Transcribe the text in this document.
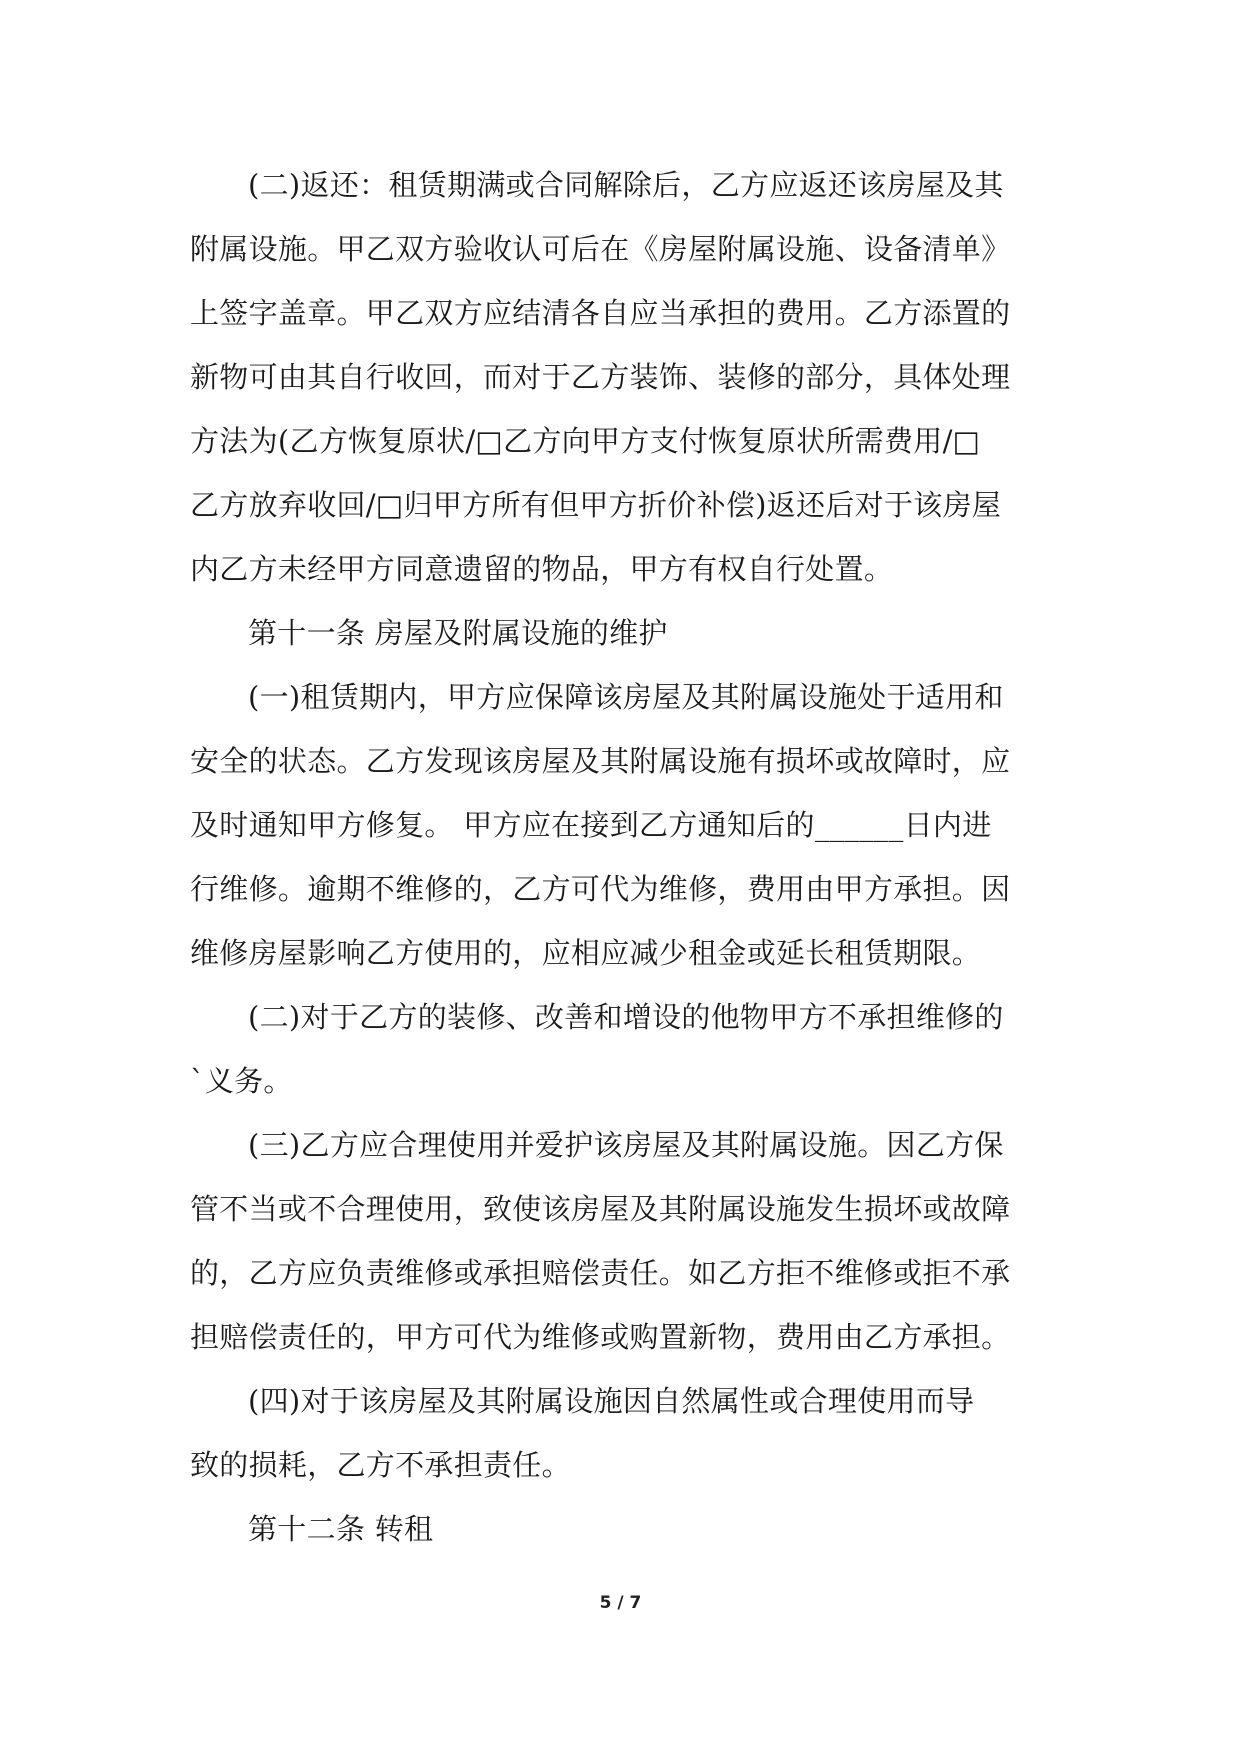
(二)返还：租赁期满或合同解除后，乙方应返还该房屋及其
附属设施。甲乙双方验收认可后在《房屋附属设施、设备清单》
上签字盖章。甲乙双方应结清各自应当承担的费用。乙方添置的
新物可由其自行收回，而对于乙方装饰、装修的部分，具体处理
方法为(乙方恢复原状/□乙方向甲方支付恢复原状所需费用/□
乙方放弃收回/□归甲方所有但甲方折价补偿)返还后对于该房屋
内乙方未经甲方同意遗留的物品，甲方有权自行处置。
第十一条 房屋及附属设施的维护
(一)租赁期内，甲方应保障该房屋及其附属设施处于适用和
安全的状态。乙方发现该房屋及其附属设施有损坏或故障时，应
及时通知甲方修复。 甲方应在接到乙方通知后的______日内进
行维修。逾期不维修的，乙方可代为维修，费用由甲方承担。因
维修房屋影响乙方使用的，应相应减少租金或延长租赁期限。
(二)对于乙方的装修、改善和增设的他物甲方不承担维修的
`义务。
(三)乙方应合理使用并爱护该房屋及其附属设施。因乙方保
管不当或不合理使用，致使该房屋及其附属设施发生损坏或故障
的，乙方应负责维修或承担赔偿责任。如乙方拒不维修或拒不承
担赔偿责任的，甲方可代为维修或购置新物，费用由乙方承担。
(四)对于该房屋及其附属设施因自然属性或合理使用而导
致的损耗，乙方不承担责任。
第十二条 转租
5 / 7
